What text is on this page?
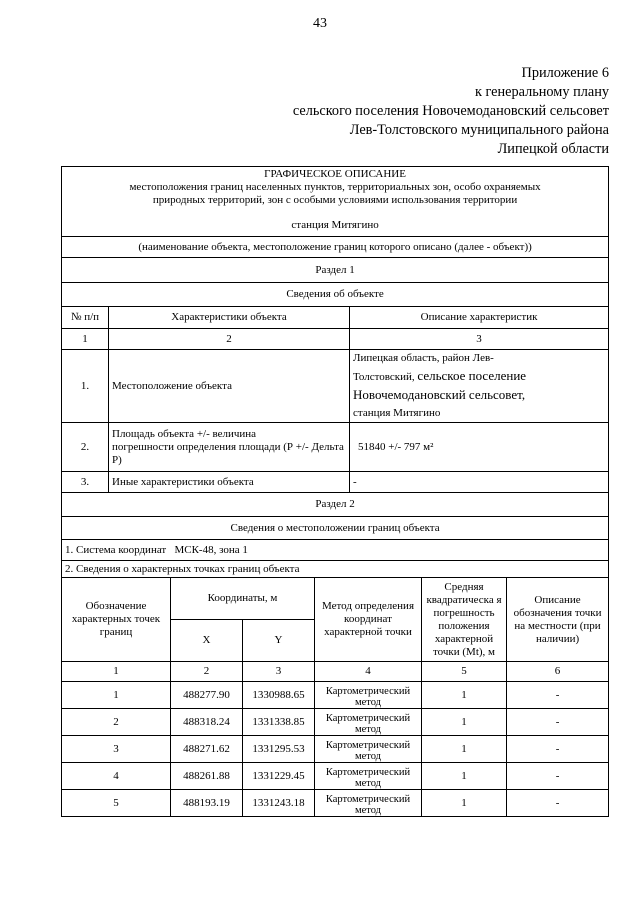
43
Приложение 6
к генеральному плану
сельского поселения Новочемодановский сельсовет
Лев-Толстовского муниципального района
Липецкой области
ГРАФИЧЕСКОЕ ОПИСАНИЕ
местоположения границ населенных пунктов, территориальных зон, особо охраняемых
природных территорий, зон с особыми условиями использования территории
станция Митягино							

(наименование объекта, местоположение границ которого описано (далее - объект))							
Раздел 1							
Сведения об объекте							
№ п/п	Характеристики объекта				Описание характеристик		
1	2				3		
1.	Местоположение объекта				Липецкая область, район Лев-
Толстовский, сельское поселение
Новочемодановский сельсовет,
станция Митягино		
2.	Площадь объекта +/- величина
погрешности определения площади (Р +/- Дельта
Р)				51840 +/- 797 м²		
3.	Иные характеристики объекта				-		
Раздел 2							
Сведения о местоположении границ объекта							
1. Система координат   МСК-48, зона 1							
2. Сведения о характерных точках границ объекта							
Обозначение характерных точек границ		Координаты, м		Метод определения координат характерной точки		Средняя квадратическа я погрешность положения характерной точки (Mt), м	Описание обозначения точки на местности (при наличии)
		X	Y				
1		2	3	4		5	6
1		488277.90	1330988.65	Картометрический метод		1	-
2		488318.24	1331338.85	Картометрический метод		1	-
3		488271.62	1331295.53	Картометрический метод		1	-
4		488261.88	1331229.45	Картометрический метод		1	-
5		488193.19	1331243.18	Картометрический метод		1	-
